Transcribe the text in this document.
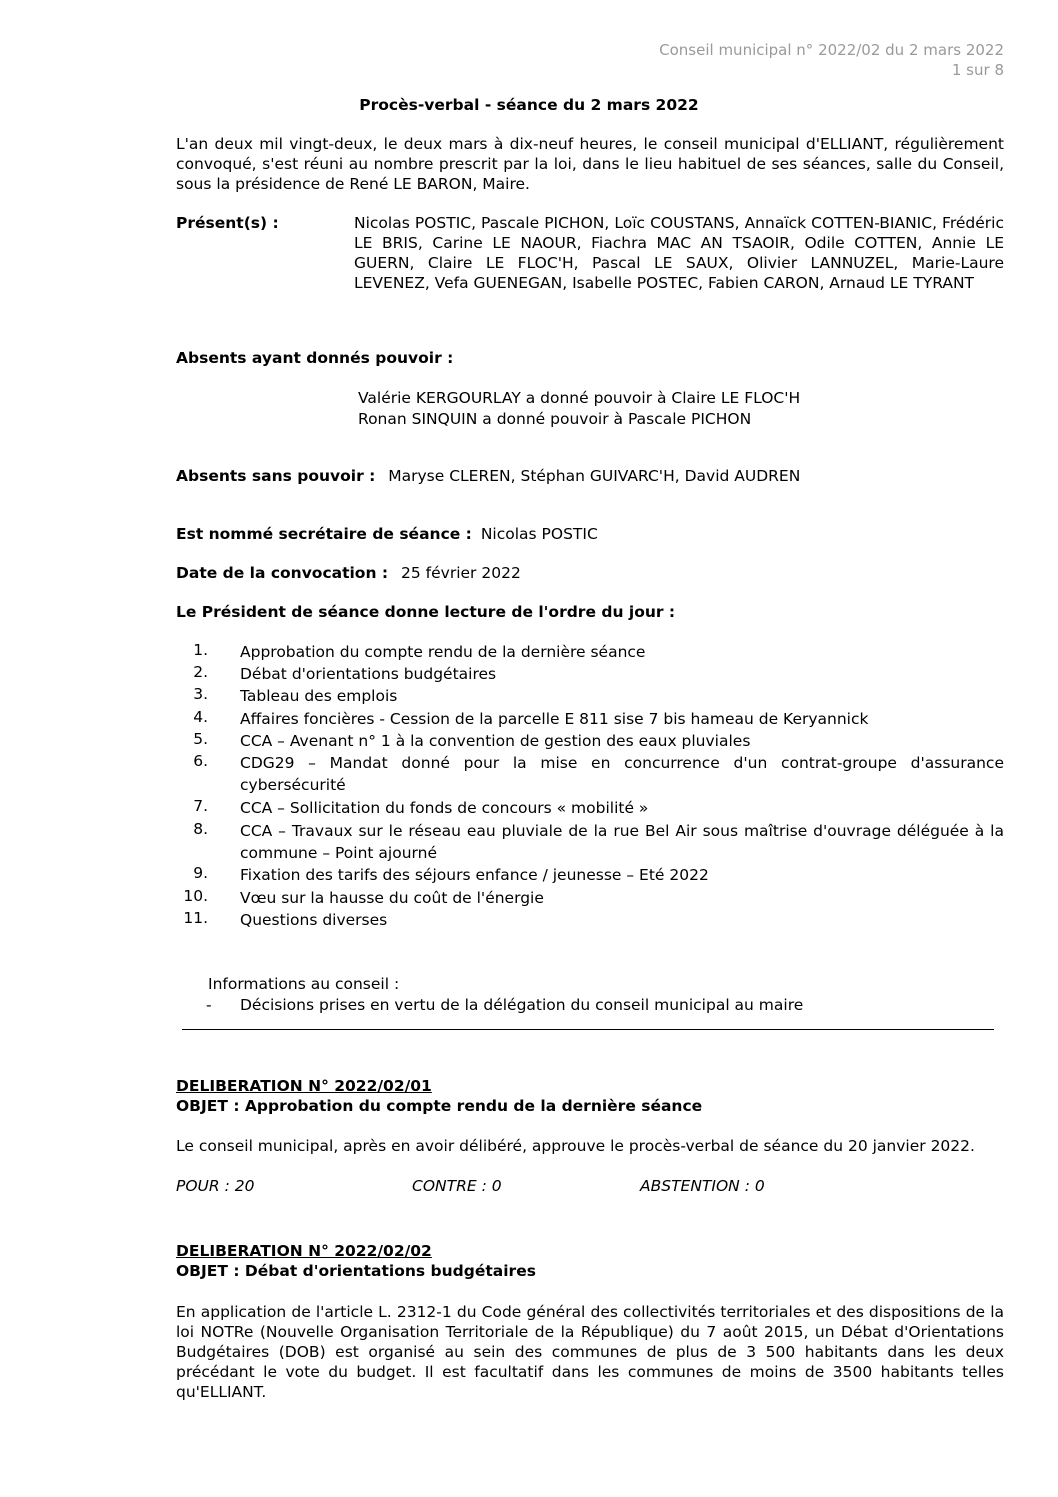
Conseil municipal n° 2022/02 du 2 mars 2022
1 sur 8
Procès-verbal - séance du 2 mars 2022
L'an deux mil vingt-deux, le deux mars à dix-neuf heures, le conseil municipal d'ELLIANT, régulièrement convoqué, s'est réuni au nombre prescrit par la loi, dans le lieu habituel de ses séances, salle du Conseil, sous la présidence de René LE BARON, Maire.
Présent(s) :	Nicolas POSTIC, Pascale PICHON, Loïc COUSTANS, Annaïck COTTEN-BIANIC, Frédéric LE BRIS, Carine LE NAOUR, Fiachra MAC AN TSAOIR, Odile COTTEN, Annie LE GUERN, Claire LE FLOC'H, Pascal LE SAUX, Olivier LANNUZEL, Marie-Laure LEVENEZ, Vefa GUENEGAN, Isabelle POSTEC, Fabien CARON, Arnaud LE TYRANT
Absents ayant donnés pouvoir :
Valérie KERGOURLAY a donné pouvoir à Claire LE FLOC'H
Ronan SINQUIN a donné pouvoir à Pascale PICHON
Absents sans pouvoir : Maryse CLEREN, Stéphan GUIVARC'H, David AUDREN
Est nommé secrétaire de séance : Nicolas POSTIC
Date de la convocation : 25 février 2022
Le Président de séance donne lecture de l'ordre du jour :
1. Approbation du compte rendu de la dernière séance
2. Débat d'orientations budgétaires
3. Tableau des emplois
4. Affaires foncières - Cession de la parcelle E 811 sise 7 bis hameau de Keryannick
5. CCA – Avenant n° 1 à la convention de gestion des eaux pluviales
6. CDG29 – Mandat donné pour la mise en concurrence d'un contrat-groupe d'assurance cybersécurité
7. CCA – Sollicitation du fonds de concours « mobilité »
8. CCA – Travaux sur le réseau eau pluviale de la rue Bel Air sous maîtrise d'ouvrage déléguée à la commune – Point ajourné
9. Fixation des tarifs des séjours enfance / jeunesse – Eté 2022
10. Vœu sur la hausse du coût de l'énergie
11. Questions diverses
Informations au conseil :
- Décisions prises en vertu de la délégation du conseil municipal au maire
DELIBERATION N° 2022/02/01
OBJET : Approbation du compte rendu de la dernière séance
Le conseil municipal, après en avoir délibéré, approuve le procès-verbal de séance du 20 janvier 2022.
POUR : 20	CONTRE : 0	ABSTENTION : 0
DELIBERATION N° 2022/02/02
OBJET : Débat d'orientations budgétaires
En application de l'article L. 2312-1 du Code général des collectivités territoriales et des dispositions de la loi NOTRe (Nouvelle Organisation Territoriale de la République) du 7 août 2015, un Débat d'Orientations Budgétaires (DOB) est organisé au sein des communes de plus de 3 500 habitants dans les deux précédant le vote du budget. Il est facultatif dans les communes de moins de 3500 habitants telles qu'ELLIANT.
